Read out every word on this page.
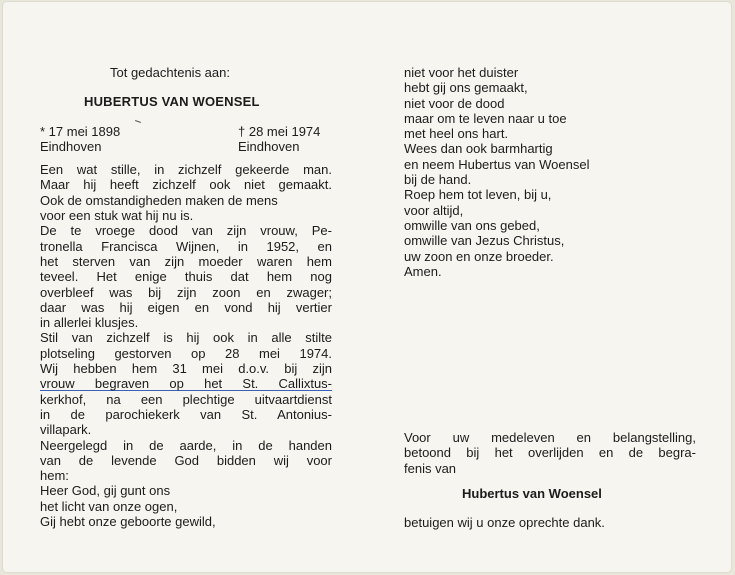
Tot gedachtenis aan:
HUBERTUS VAN WOENSEL
* 17 mei 1898
Eindhoven
† 28 mei 1974
Eindhoven
Een wat stille, in zichzelf gekeerde man.
Maar hij heeft zichzelf ook niet gemaakt.
Ook de omstandigheden maken de mens
voor een stuk wat hij nu is.
De te vroege dood van zijn vrouw, Pe-
tronella Francisca Wijnen, in 1952, en
het sterven van zijn moeder waren hem
teveel. Het enige thuis dat hem nog
overbleef was bij zijn zoon en zwager;
daar was hij eigen en vond hij vertier
in allerlei klusjes.
Stil van zichzelf is hij ook in alle stilte
plotseling gestorven op 28 mei 1974.
Wij hebben hem 31 mei d.o.v. bij zijn
vrouw begraven op het St. Callixtus-
kerkhof, na een plechtige uitvaartdienst
in de parochiekerk van St. Antonius-
villapark.
Neergelegd in de aarde, in de handen
van de levende God bidden wij voor
hem:
Heer God, gij gunt ons
het licht van onze ogen,
Gij hebt onze geboorte gewild,
niet voor het duister
hebt gij ons gemaakt,
niet voor de dood
maar om te leven naar u toe
met heel ons hart.
Wees dan ook barmhartig
en neem Hubertus van Woensel
bij de hand.
Roep hem tot leven, bij u,
voor altijd,
omwille van ons gebed,
omwille van Jezus Christus,
uw zoon en onze broeder.
Amen.
Voor uw medeleven en belangstelling,
betoond bij het overlijden en de begra-
fenis van
Hubertus van Woensel
betuigen wij u onze oprechte dank.
